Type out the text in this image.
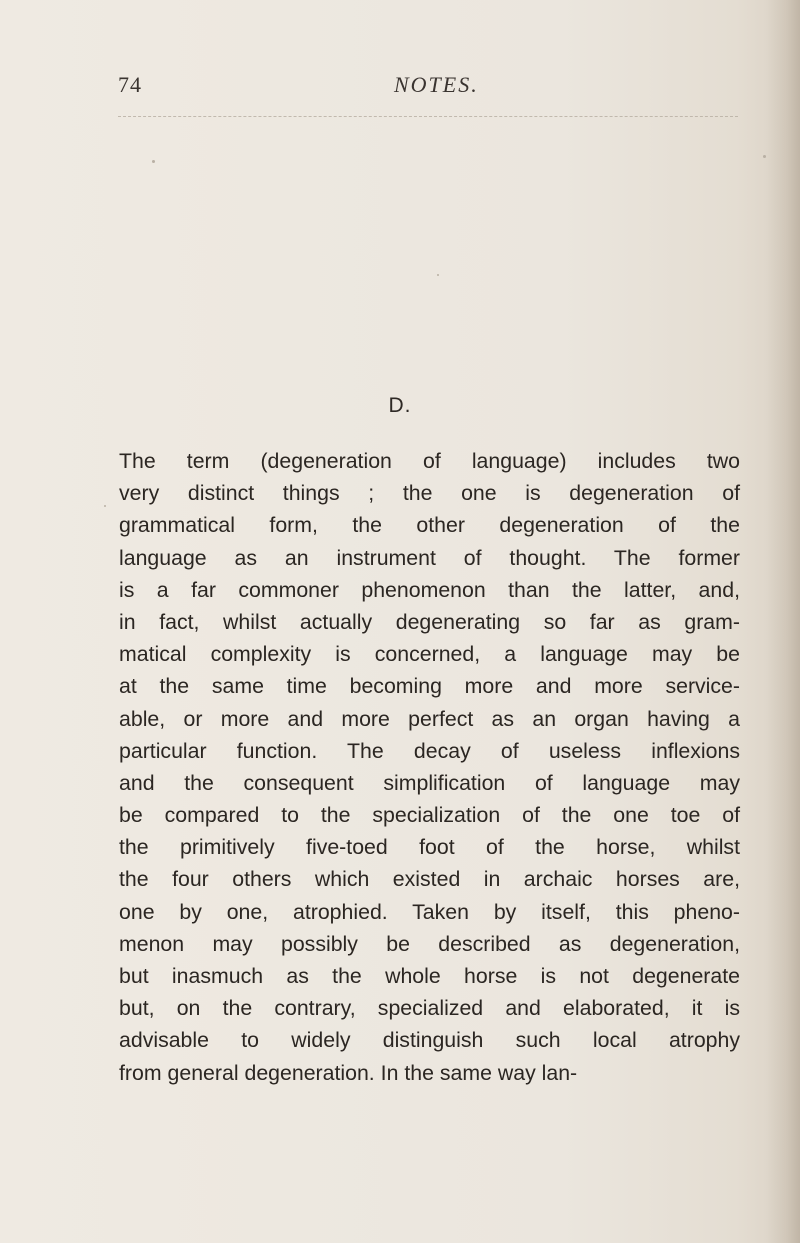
74	NOTES.
D.
The term (degeneration of language) includes two
very distinct things ; the one is degeneration of
grammatical form, the other degeneration of the
language as an instrument of thought. The former
is a far commoner phenomenon than the latter, and,
in fact, whilst actually degenerating so far as gram-
matical complexity is concerned, a language may be
at the same time becoming more and more service-
able, or more and more perfect as an organ having a
particular function. The decay of useless inflexions
and the consequent simplification of language may
be compared to the specialization of the one toe of
the primitively five-toed foot of the horse, whilst
the four others which existed in archaic horses are,
one by one, atrophied. Taken by itself, this pheno-
menon may possibly be described as degeneration,
but inasmuch as the whole horse is not degenerate
but, on the contrary, specialized and elaborated, it is
advisable to widely distinguish such local atrophy
from general degeneration. In the same way lan-
